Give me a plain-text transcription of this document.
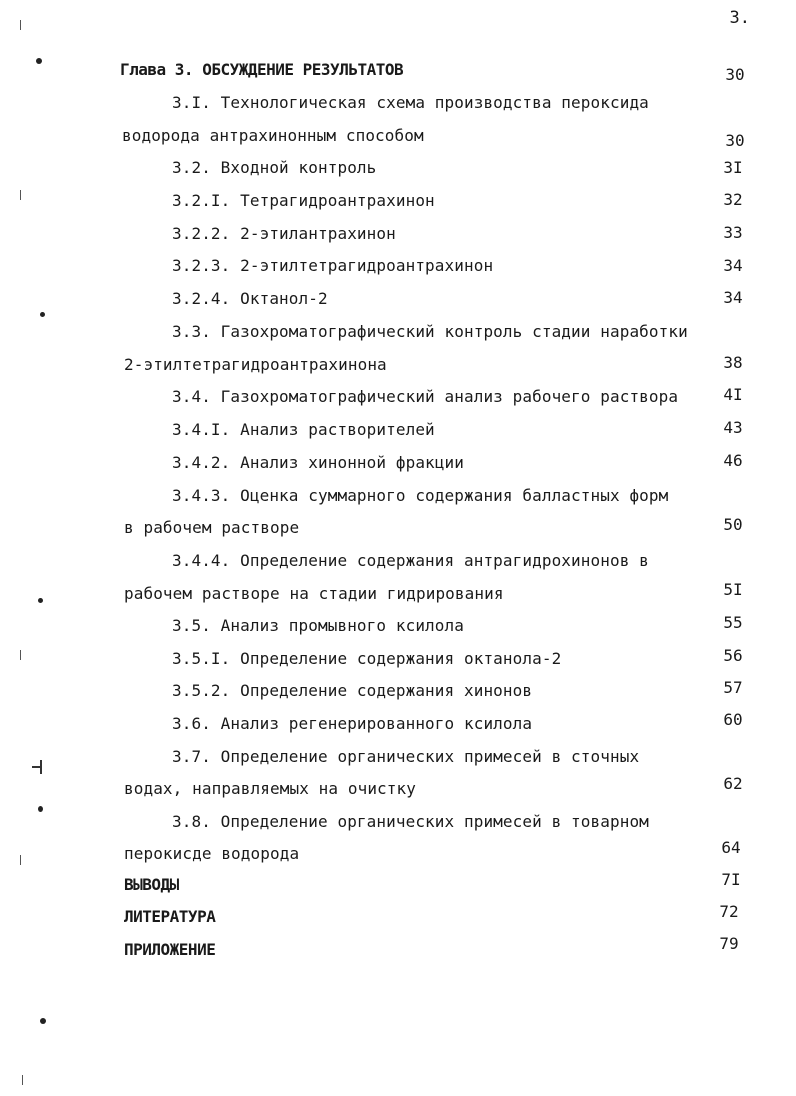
3.
Глава 3. ОБСУЖДЕНИЕ РЕЗУЛЬТАТОВ	30
3.I. Технологическая схема производства пероксида
водорода антрахинонным способом	30
3.2. Входной контроль	3I
3.2.I. Тетрагидроантрахинон	32
3.2.2. 2-этилантрахинон	33
3.2.3. 2-этилтетрагидроантрахинон	34
3.2.4. Октанол-2	34
3.3. Газохроматографический контроль стадии наработки
2-этилтетрагидроантрахинона	38
3.4. Газохроматографический анализ рабочего раствора	4I
3.4.I. Анализ растворителей	43
3.4.2. Анализ хинонной фракции	46
3.4.3. Оценка суммарного содержания балластных форм
в рабочем растворе	50
3.4.4. Определение содержания антрагидрохинонов в
рабочем растворе на стадии гидрирования	5I
3.5. Анализ промывного ксилола	55
3.5.I. Определение содержания октанола-2	56
3.5.2. Определение содержания хинонов	57
3.6. Анализ регенерированного ксилола	60
3.7. Определение органических примесей в сточных
водах, направляемых на очистку	62
3.8. Определение органических примесей в товарном
перокисде водорода	64
ВЫВОДЫ	7I
ЛИТЕРАТУРА	72
ПРИЛОЖЕНИЕ	79
